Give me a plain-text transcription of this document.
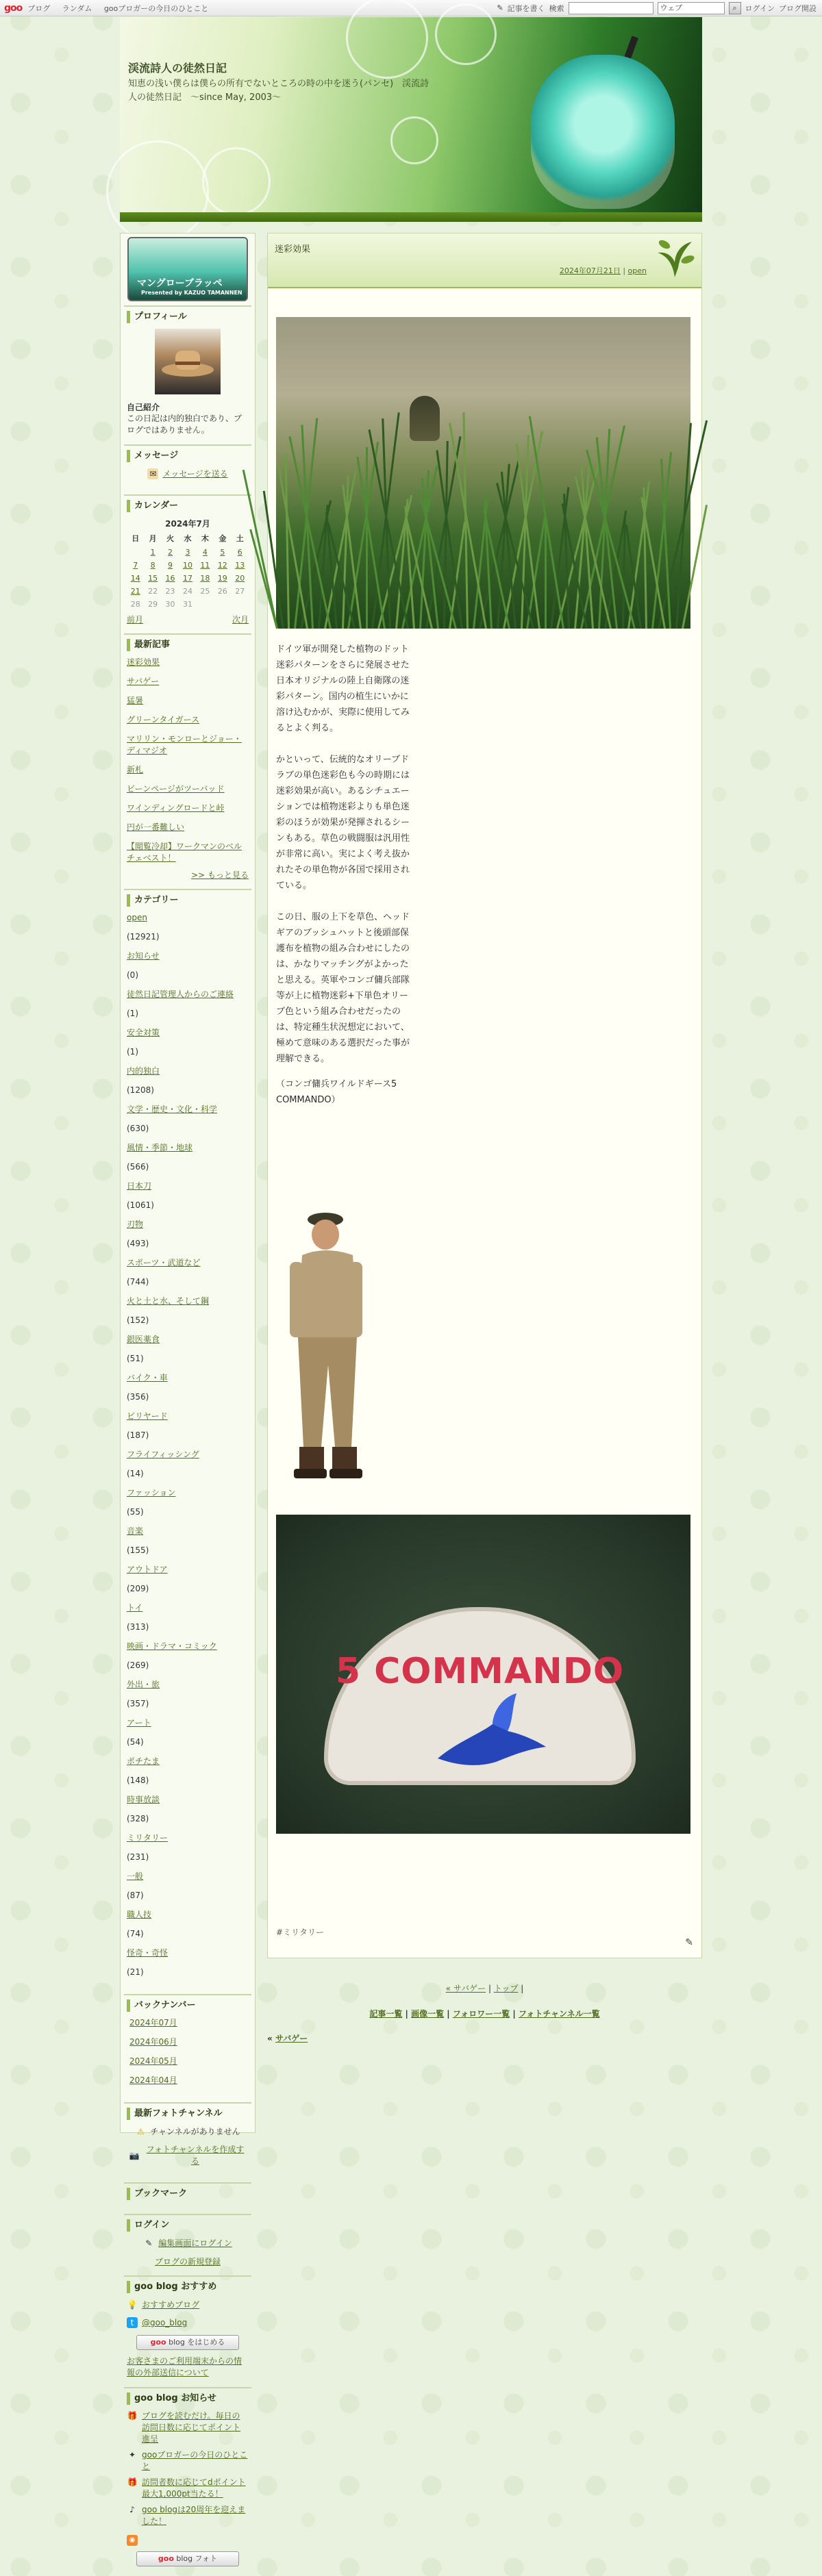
goo ブログ ランダム gooブロガーの今日のひとこと	✎ 記事を書く 検索	ウェブ	⌕	ログイン ブログ開設
渓流詩人の徒然日記
知恵の浅い僕らは僕らの所有でないところの時の中を迷う(パンセ)　渓流詩人の徒然日記　～since May, 2003～
マングローブラッペ
Presented by KAZUO TAMANNEN
プロフィール
自己紹介
この日記は内的独白であり、ブログではありません。
メッセージ
✉ メッセージを送る
カレンダー
2024年7月
日	月	火	水	木	金	土
	1	2	3	4	5	6
7	8	9	10	11	12	13
14	15	16	17	18	19	20
21	22	23	24	25	26	27
28	29	30	31			
前月	次月
最新記事
迷彩効果
サバゲー
猛暑
グリーンタイガース
マリリン・モンローとジョー・ディマジオ
新札
ビーンページがツーバッド
ワインディングロードと峠
円が一番難しい
【閲覧冷却】ワークマンのベルチェベスト！
>> もっと見る
カテゴリー
open
(12921)
お知らせ
(0)
徒然日記管理人からのご連絡
(1)
安全対策
(1)
内的独白
(1208)
文学・歴史・文化・科学
(630)
風情・季節・地球
(566)
日本刀
(1061)
刃物
(493)
スポーツ・武道など
(744)
火と土と水、そして鋼
(152)
銀医薬食
(51)
バイク・車
(356)
ビリヤード
(187)
フライフィッシング
(14)
ファッション
(55)
音楽
(155)
アウトドア
(209)
トイ
(313)
映画・ドラマ・コミック
(269)
外出・旅
(357)
アート
(54)
ポチたま
(148)
時事放談
(328)
ミリタリー
(231)
一般
(87)
職人技
(74)
怪奇・奇怪
(21)
バックナンバー
2024年07月
2024年06月
2024年05月
2024年04月
最新フォトチャンネル
⚠ チャンネルがありません
📷
フォトチャンネルを作成する
ブックマーク
ログイン
✎ 編集画面にログイン
ブログの新規登録
goo blog おすすめ
💡 おすすめブログ
t @goo_blog
goo blog をはじめる
お客さまのご利用端末からの情報の外部送信について
goo blog お知らせ
🎁 ブログを読むだけ。毎日の訪問日数に応じてポイント進呈
✦ gooブロガーの今日のひとこと
🎁 訪問者数に応じてdポイント最大1,000pt当たる！
♪ goo blogは20周年を迎えました！
◉
goo blog フォト
迷彩効果
2024年07月21日 | open

ドイツ軍が開発した植物のドット迷彩パターンをさらに発展させた日本オリジナルの陸上自衛隊の迷彩パターン。国内の植生にいかに溶け込むかが、実際に使用してみるとよく判る。

かといって、伝統的なオリーブドラブの単色迷彩色も今の時期には迷彩効果が高い。あるシチュエーションでは植物迷彩よりも単色迷彩のほうが効果が発揮されるシーンもある。草色の戦闘服は汎用性が非常に高い。実によく考え抜かれたその単色物が各国で採用されている。

この日、服の上下を草色、ヘッドギアのブッシュハットと後頭部保護布を植物の組み合わせにしたのは、かなりマッチングがよかったと思える。英軍やコンゴ傭兵部隊等が上に植物迷彩+下単色オリーブ色という組み合わせだったのは、特定種生状況想定において、極めて意味のある選択だった事が理解できる。

（コンゴ傭兵ワイルドギース5 COMMANDO）

5 COMMANDO
#ミリタリー
✎
« サバゲー | トップ |
記事一覧 | 画像一覧 | フォロワー一覧 | フォトチャンネル一覧
« サバゲー
